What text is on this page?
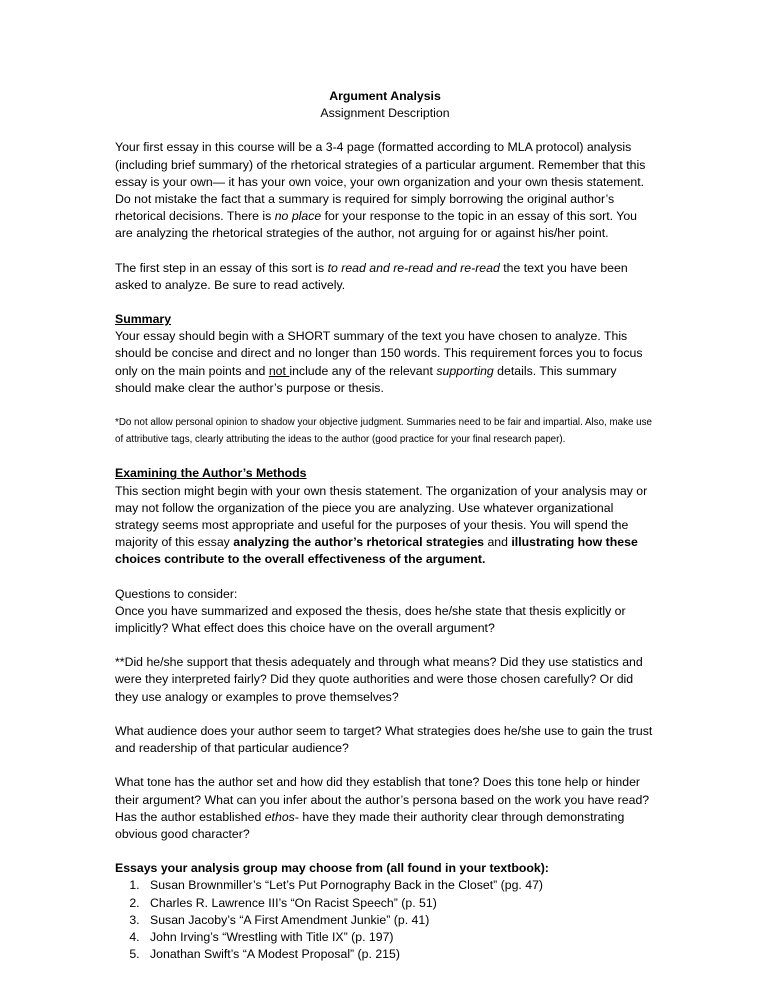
Argument Analysis

Assignment Description

Your first essay in this course will be a 3-4 page (formatted according to MLA protocol) analysis (including brief summary) of the rhetorical strategies of a particular argument. Remember that this essay is your own— it has your own voice, your own organization and your own thesis statement. Do not mistake the fact that a summary is required for simply borrowing the original author’s rhetorical decisions. There is no place for your response to the topic in an essay of this sort. You are analyzing the rhetorical strategies of the author, not arguing for or against his/her point.

The first step in an essay of this sort is to read and re-read and re-read the text you have been asked to analyze. Be sure to read actively.

Summary

Your essay should begin with a SHORT summary of the text you have chosen to analyze. This should be concise and direct and no longer than 150 words. This requirement forces you to focus only on the main points and not include any of the relevant supporting details. This summary should make clear the author’s purpose or thesis.

*Do not allow personal opinion to shadow your objective judgment. Summaries need to be fair and impartial. Also, make use of attributive tags, clearly attributing the ideas to the author (good practice for your final research paper).

Examining the Author’s Methods

This section might begin with your own thesis statement. The organization of your analysis may or may not follow the organization of the piece you are analyzing. Use whatever organizational strategy seems most appropriate and useful for the purposes of your thesis. You will spend the majority of this essay analyzing the author’s rhetorical strategies and illustrating how these choices contribute to the overall effectiveness of the argument.

Questions to consider:

Once you have summarized and exposed the thesis, does he/she state that thesis explicitly or implicitly? What effect does this choice have on the overall argument?

**Did he/she support that thesis adequately and through what means? Did they use statistics and were they interpreted fairly? Did they quote authorities and were those chosen carefully? Or did they use analogy or examples to prove themselves?

What audience does your author seem to target? What strategies does he/she use to gain the trust and readership of that particular audience?

What tone has the author set and how did they establish that tone? Does this tone help or hinder their argument? What can you infer about the author’s persona based on the work you have read?

Has the author established ethos- have they made their authority clear through demonstrating obvious good character?

Essays your analysis group may choose from (all found in your textbook):

1. Susan Brownmiller’s “Let’s Put Pornography Back in the Closet” (pg. 47)
2. Charles R. Lawrence III’s “On Racist Speech” (p. 51)
3. Susan Jacoby’s “A First Amendment Junkie” (p. 41)
4. John Irving’s “Wrestling with Title IX” (p. 197)
5. Jonathan Swift’s “A Modest Proposal” (p. 215)
